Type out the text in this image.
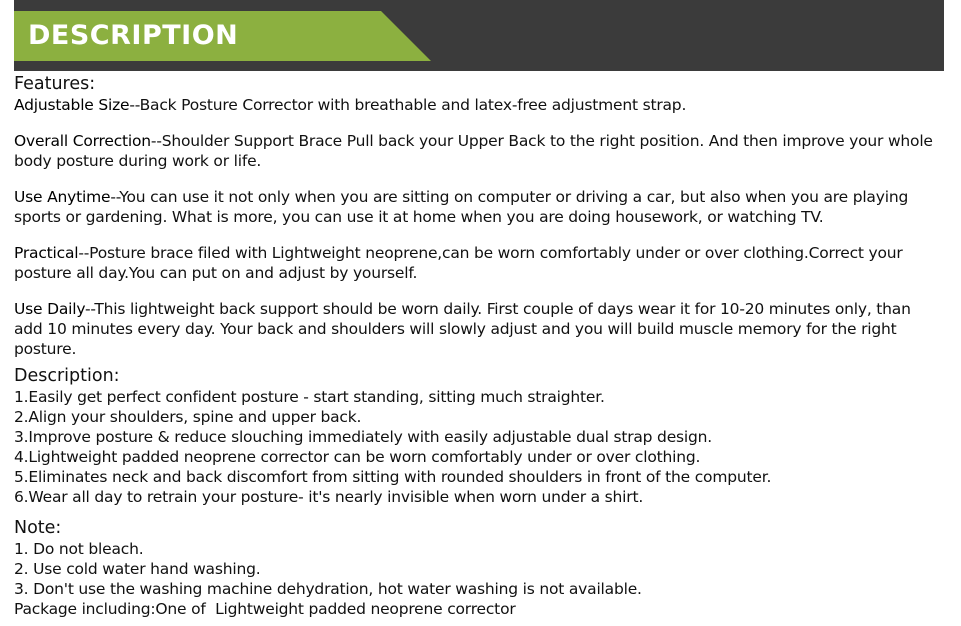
DESCRIPTION

Features:

Adjustable Size--Back Posture Corrector with breathable and latex-free adjustment strap.

Overall Correction--Shoulder Support Brace Pull back your Upper Back to the right position. And then improve your whole body posture during work or life.

Use Anytime--You can use it not only when you are sitting on computer or driving a car, but also when you are playing sports or gardening. What is more, you can use it at home when you are doing housework, or watching TV.

Practical--Posture brace filed with Lightweight neoprene,can be worn comfortably under or over clothing.Correct your posture all day.You can put on and adjust by yourself.

Use Daily--This lightweight back support should be worn daily. First couple of days wear it for 10-20 minutes only, than add 10 minutes every day. Your back and shoulders will slowly adjust and you will build muscle memory for the right posture.

Description:

1.Easily get perfect confident posture - start standing, sitting much straighter.

2.Align your shoulders, spine and upper back.

3.Improve posture & reduce slouching immediately with easily adjustable dual strap design.

4.Lightweight padded neoprene corrector can be worn comfortably under or over clothing.

5.Eliminates neck and back discomfort from sitting with rounded shoulders in front of the computer.

6.Wear all day to retrain your posture- it's nearly invisible when worn under a shirt.

Note:

1. Do not bleach.

2. Use cold water hand washing.

3. Don't use the washing machine dehydration, hot water washing is not available.

Package including:One of  Lightweight padded neoprene corrector
